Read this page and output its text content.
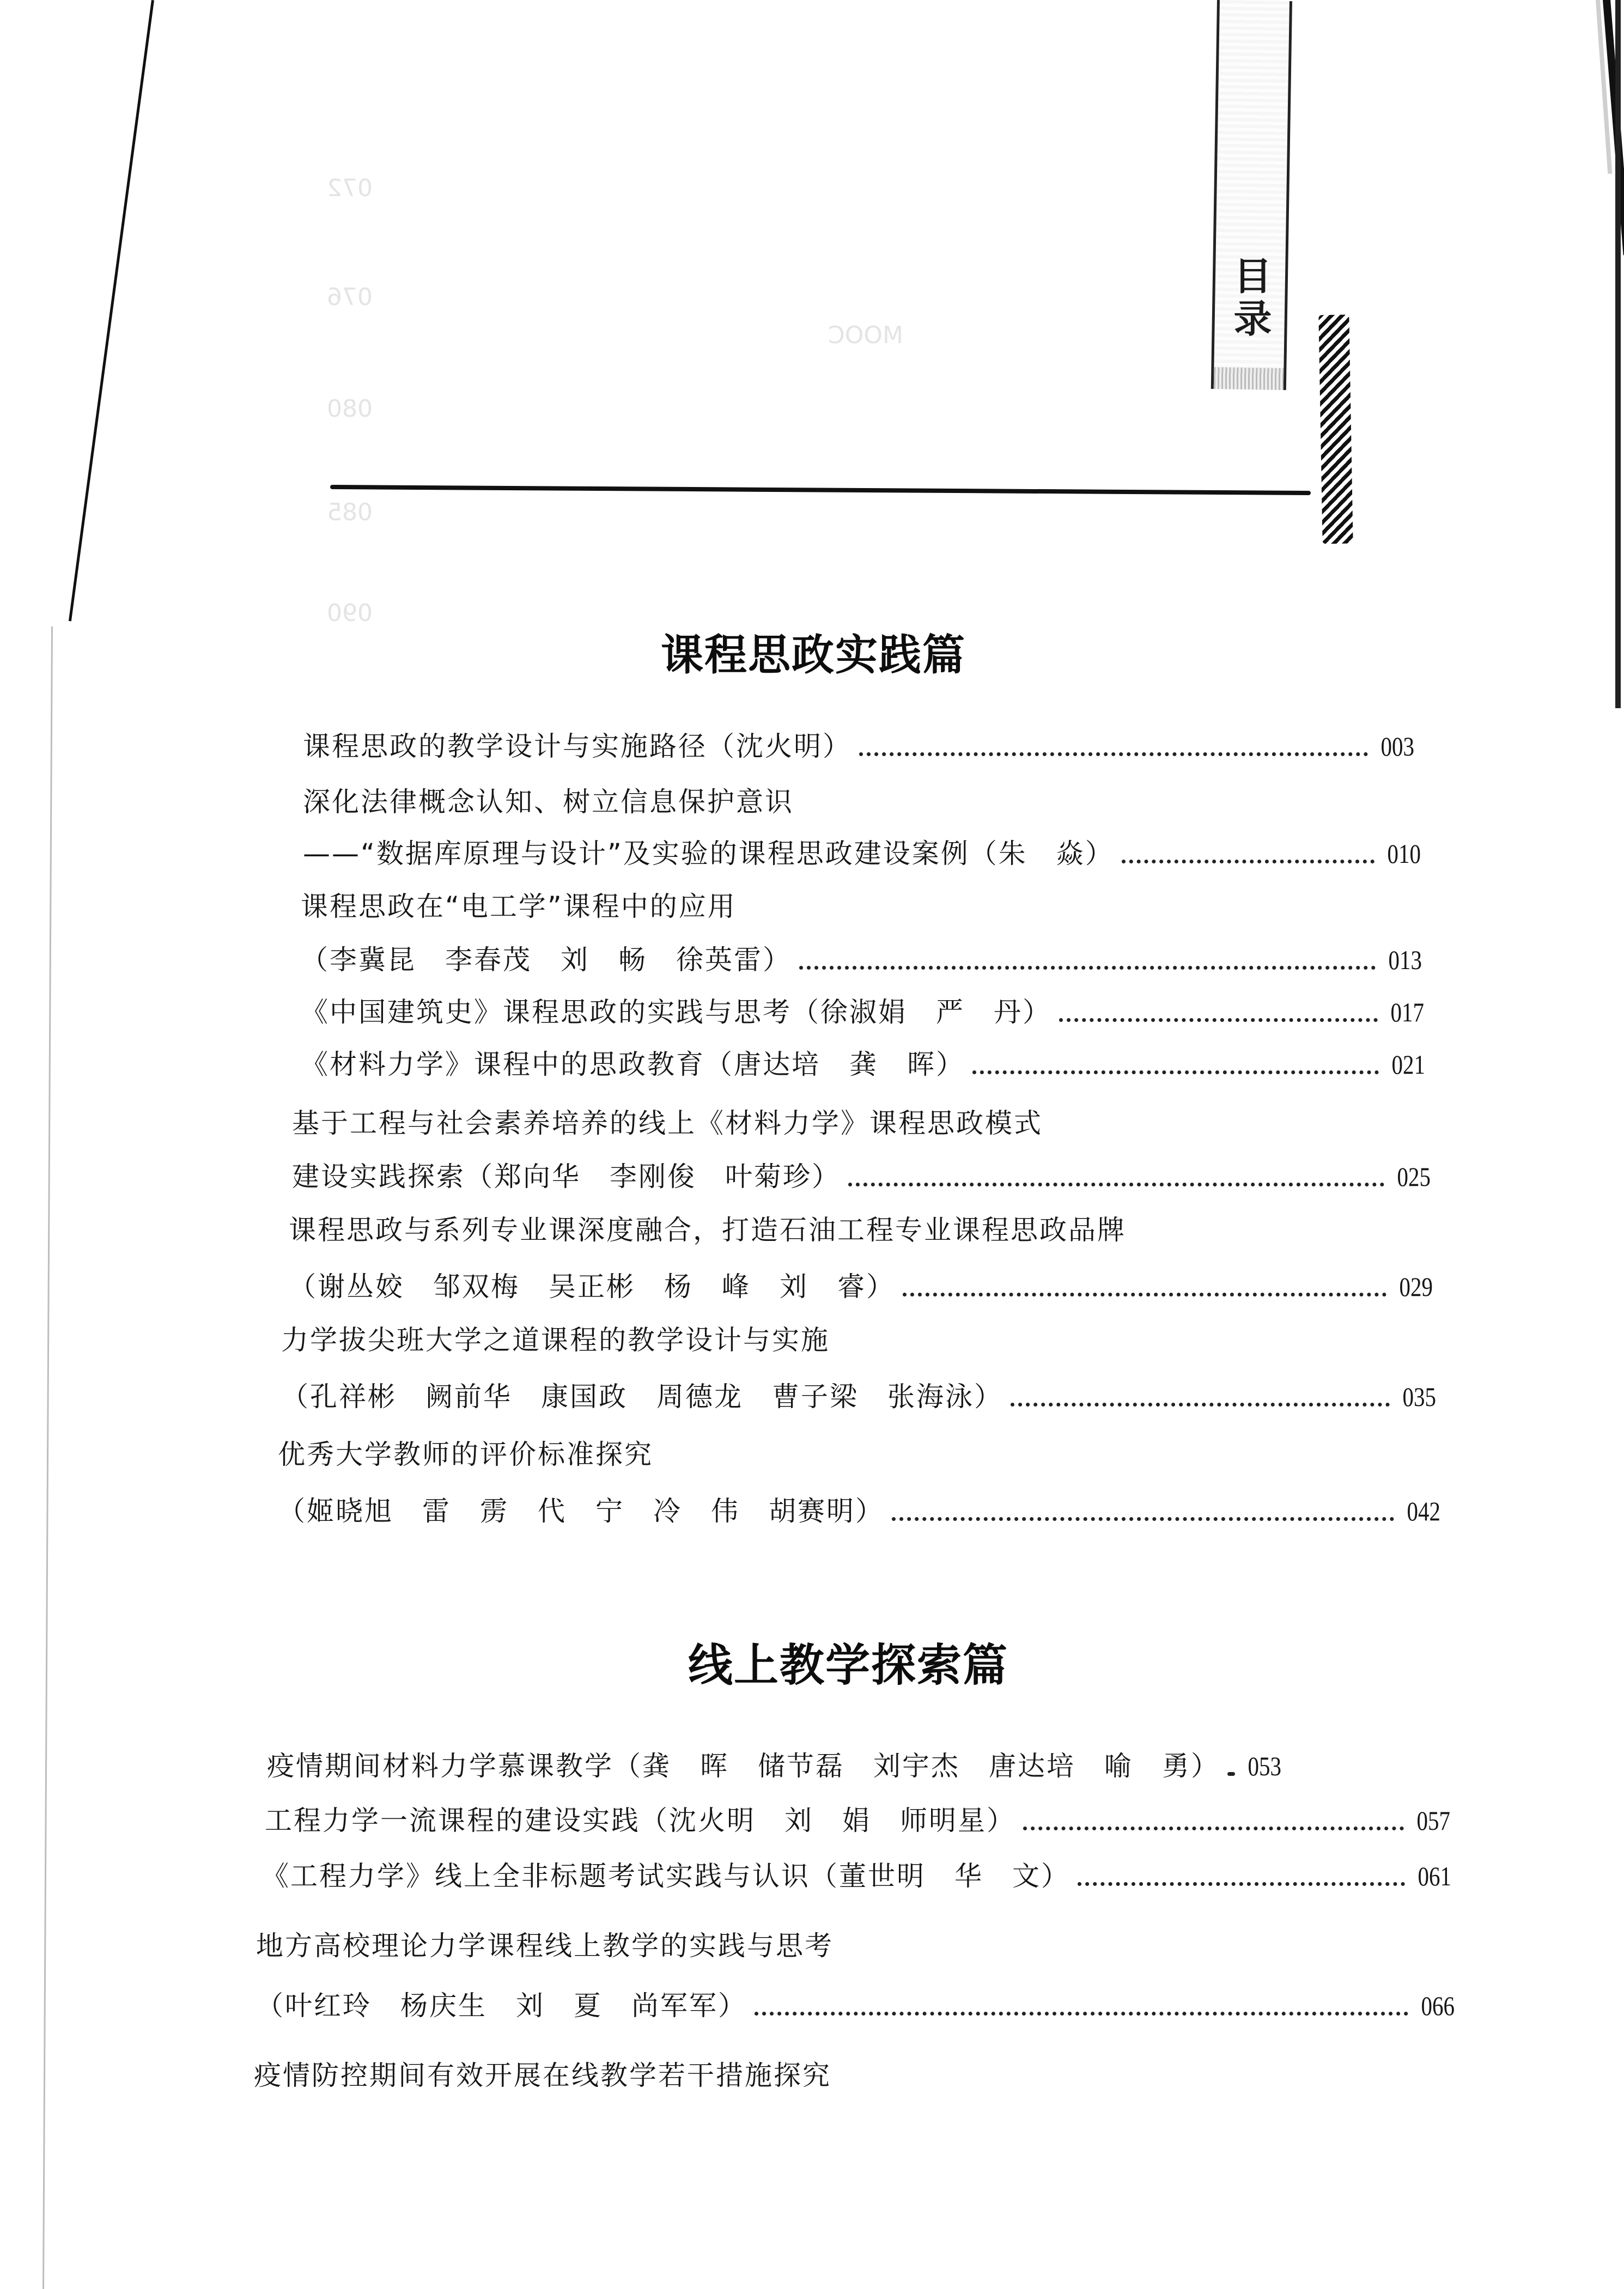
072
076
MOOC
080
085
090
目录
课程思政实践篇
课程思政的教学设计与实施路径 （沈火明）	003
深化法律概念认知、树立信息保护意识
——“数据库原理与设计”及实验的课程思政建设案例 （朱　焱）	010
课程思政在“电工学”课程中的应用
（李冀昆　李春茂　刘　畅　徐英雷）	013
《中国建筑史》课程思政的实践与思考 （徐淑娟　严　丹）	017
《材料力学》课程中的思政教育 （唐达培　龚　晖）	021
基于工程与社会素养培养的线上《材料力学》课程思政模式
建设实践探索 （郑向华　李刚俊　叶菊珍）	025
课程思政与系列专业课深度融合，打造石油工程专业课程思政品牌
（谢丛姣　邹双梅　吴正彬　杨　峰　刘　睿）	029
力学拔尖班大学之道课程的教学设计与实施
（孔祥彬　阙前华　康国政　周德龙　曹子梁　张海泳）	035
优秀大学教师的评价标准探究
（姬晓旭　雷　雳　代　宁　冷　伟　胡赛明）	042
线上教学探索篇
疫情期间材料力学慕课教学 （龚　晖　储节磊　刘宇杰　唐达培　喻　勇） 053
工程力学一流课程的建设实践 （沈火明　刘　娟　师明星）	057
《工程力学》线上全非标题考试实践与认识 （董世明　华　文）	061
地方高校理论力学课程线上教学的实践与思考
（叶红玲　杨庆生　刘　夏　尚军军）	066
疫情防控期间有效开展在线教学若干措施探究
